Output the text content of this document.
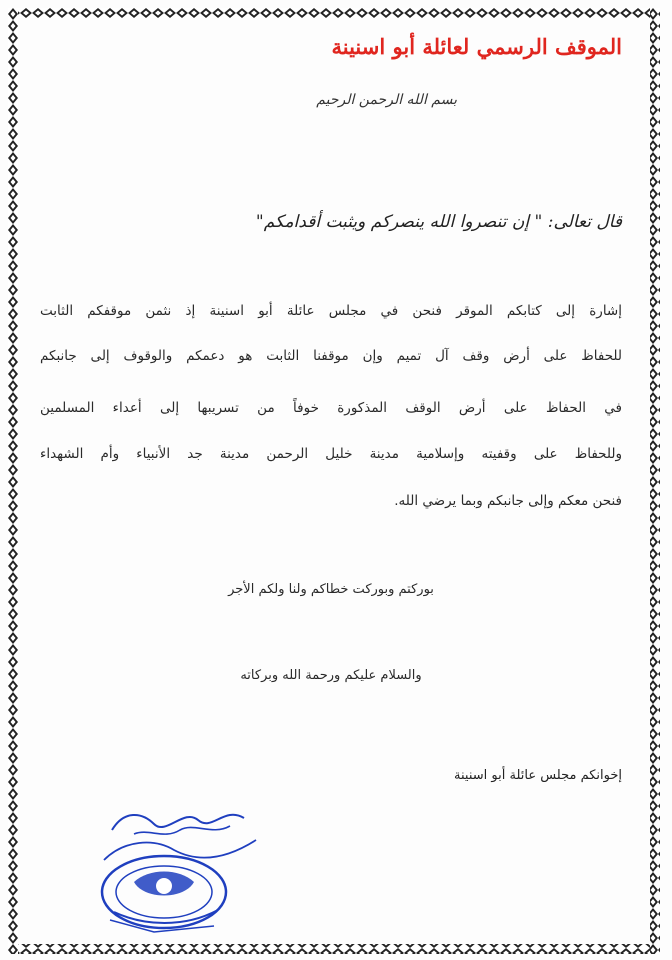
الموقف الرسمي لعائلة أبو اسنينة
بسم الله الرحمن الرحيم
قال تعالى: " إن تنصروا الله ينصركم ويثبت أقدامكم"
إشارة إلى كتابكم الموقر فنحن في مجلس عائلة أبو اسنينة إذ نثمن موقفكم الثابت
للحفاظ على أرض وقف آل تميم وإن موقفنا الثابت هو دعمكم والوقوف إلى جانبكم
في الحفاظ على أرض الوقف المذكورة خوفاً من تسريبها إلى أعداء المسلمين
وللحفاظ على وقفيته وإسلامية مدينة خليل الرحمن مدينة جد الأنبياء وأم الشهداء
فنحن معكم وإلى جانبكم وبما يرضي الله.
بوركتم وبوركت خطاكم ولنا ولكم الأجر
والسلام عليكم ورحمة الله وبركاته
إخوانكم مجلس عائلة أبو اسنينة
